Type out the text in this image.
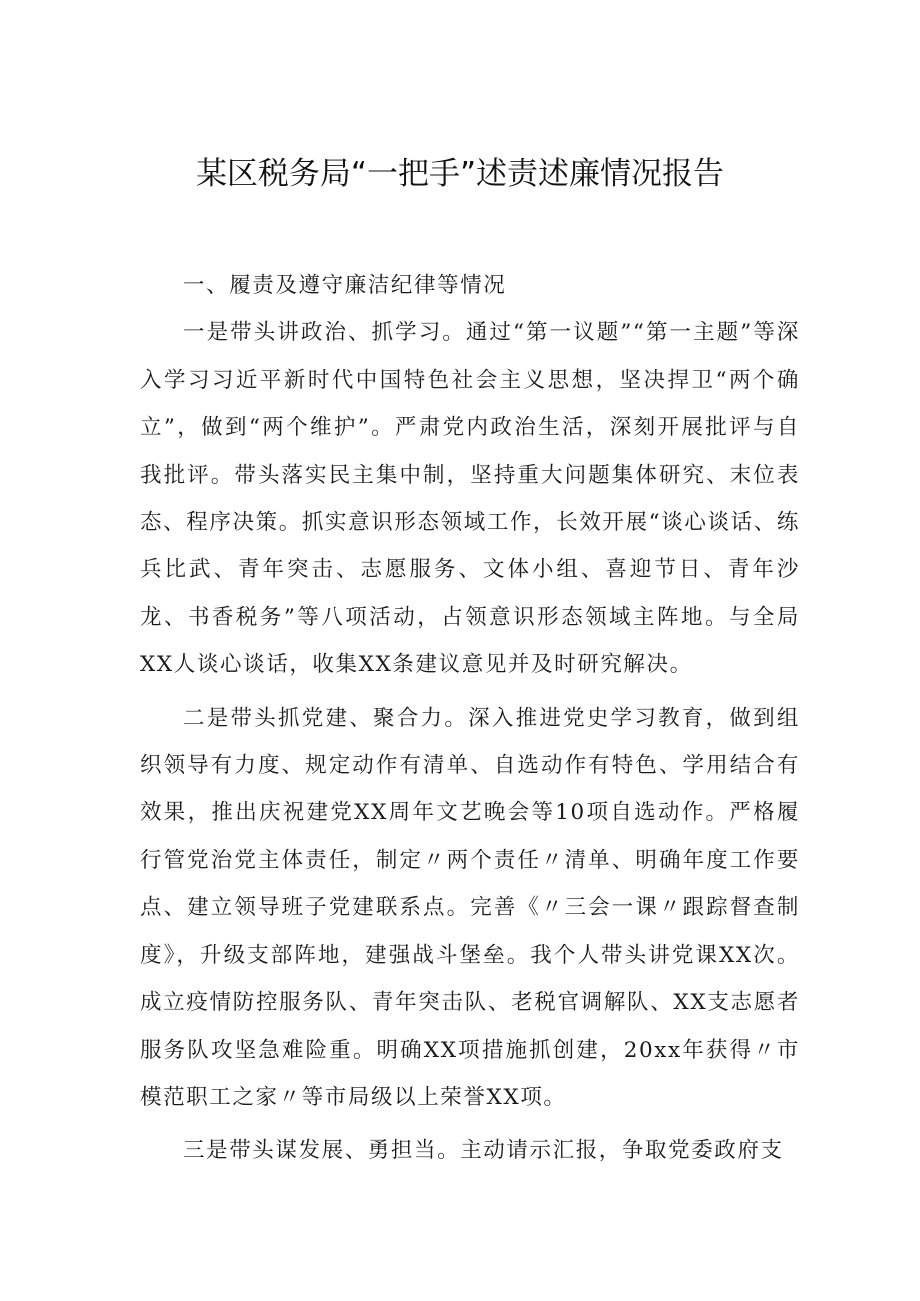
某区税务局“一把手”述责述廉情况报告

一、履责及遵守廉洁纪律等情况

一是带头讲政治、抓学习。通过“第一议题”“第一主题”等深入学习习近平新时代中国特色社会主义思想，坚决捍卫“两个确立”，做到“两个维护”。严肃党内政治生活，深刻开展批评与自我批评。带头落实民主集中制，坚持重大问题集体研究、末位表态、程序决策。抓实意识形态领域工作，长效开展“谈心谈话、练兵比武、青年突击、志愿服务、文体小组、喜迎节日、青年沙龙、书香税务”等八项活动，占领意识形态领域主阵地。与全局XX人谈心谈话，收集XX条建议意见并及时研究解决。

二是带头抓党建、聚合力。深入推进党史学习教育，做到组织领导有力度、规定动作有清单、自选动作有特色、学用结合有效果，推出庆祝建党XX周年文艺晚会等10项自选动作。严格履行管党治党主体责任，制定〃两个责任〃清单、明确年度工作要点、建立领导班子党建联系点。完善《〃三会一课〃跟踪督查制度》，升级支部阵地，建强战斗堡垒。我个人带头讲党课XX次。成立疫情防控服务队、青年突击队、老税官调解队、XX支志愿者服务队攻坚急难险重。明确XX项措施抓创建，20xx年获得〃市模范职工之家〃等市局级以上荣誉XX项。

三是带头谋发展、勇担当。主动请示汇报，争取党委政府支
